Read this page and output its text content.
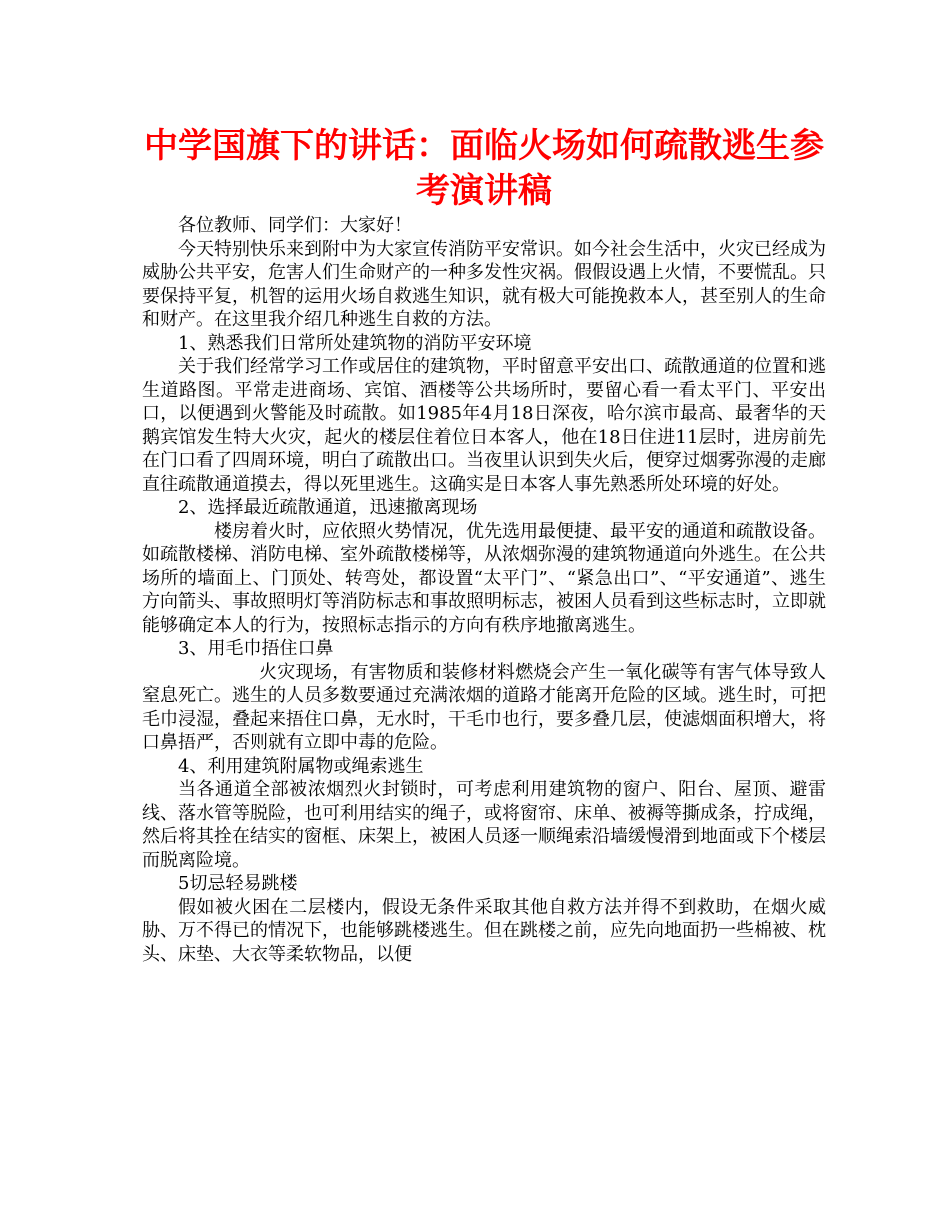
中学国旗下的讲话：面临火场如何疏散逃生参考演讲稿

各位教师、同学们：大家好！

今天特别快乐来到附中为大家宣传消防平安常识。如今社会生活中，火灾已经成为威胁公共平安，危害人们生命财产的一种多发性灾祸。假假设遇上火情，不要慌乱。只要保持平复，机智的运用火场自救逃生知识，就有极大可能挽救本人，甚至别人的生命和财产。在这里我介绍几种逃生自救的方法。

1、熟悉我们日常所处建筑物的消防平安环境

关于我们经常学习工作或居住的建筑物，平时留意平安出口、疏散通道的位置和逃生道路图。平常走进商场、宾馆、酒楼等公共场所时，要留心看一看太平门、平安出口，以便遇到火警能及时疏散。如1985年4月18日深夜，哈尔滨市最高、最奢华的天鹅宾馆发生特大火灾，起火的楼层住着位日本客人，他在18日住进11层时，进房前先在门口看了四周环境，明白了疏散出口。当夜里认识到失火后，便穿过烟雾弥漫的走廊直往疏散通道摸去，得以死里逃生。这确实是日本客人事先熟悉所处环境的好处。

2、选择最近疏散通道，迅速撤离现场

楼房着火时，应依照火势情况，优先选用最便捷、最平安的通道和疏散设备。如疏散楼梯、消防电梯、室外疏散楼梯等，从浓烟弥漫的建筑物通道向外逃生。在公共场所的墙面上、门顶处、转弯处，都设置“太平门”、“紧急出口”、“平安通道”、逃生方向箭头、事故照明灯等消防标志和事故照明标志，被困人员看到这些标志时，立即就能够确定本人的行为，按照标志指示的方向有秩序地撤离逃生。

3、用毛巾捂住口鼻

火灾现场，有害物质和装修材料燃烧会产生一氧化碳等有害气体导致人窒息死亡。逃生的人员多数要通过充满浓烟的道路才能离开危险的区域。逃生时，可把毛巾浸湿，叠起来捂住口鼻，无水时，干毛巾也行，要多叠几层，使滤烟面积增大，将口鼻捂严，否则就有立即中毒的危险。

4、利用建筑附属物或绳索逃生

当各通道全部被浓烟烈火封锁时，可考虑利用建筑物的窗户、阳台、屋顶、避雷线、落水管等脱险，也可利用结实的绳子，或将窗帘、床单、被褥等撕成条，拧成绳，然后将其拴在结实的窗框、床架上，被困人员逐一顺绳索沿墙缓慢滑到地面或下个楼层而脱离险境。

5切忌轻易跳楼

假如被火困在二层楼内，假设无条件采取其他自救方法并得不到救助，在烟火威胁、万不得已的情况下，也能够跳楼逃生。但在跳楼之前，应先向地面扔一些棉被、枕头、床垫、大衣等柔软物品，以便
